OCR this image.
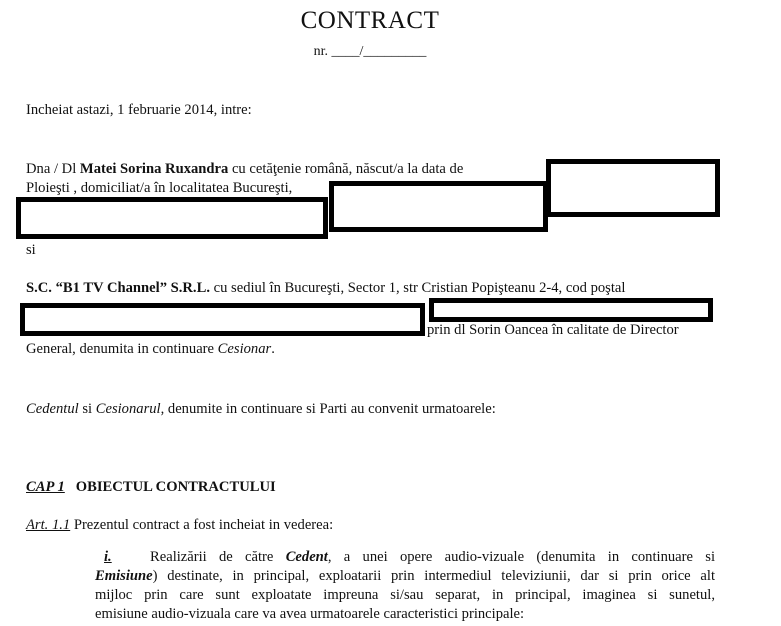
CONTRACT
nr. ____/_________
Incheiat astazi, 1 februarie 2014, intre:
Dna / Dl Matei Sorina Ruxandra cu cetăţenie română, născut/a la data de
Ploieşti , domiciliat/a în localitatea Bucureşti,
si
S.C. “B1 TV Channel” S.R.L. cu sediul în Bucureşti, Sector 1, str Cristian Popişteanu 2-4, cod poştal
prin dl Sorin Oancea în calitate de Director
General, denumita in continuare Cesionar.
Cedentul si Cesionarul, denumite in continuare si Parti au convenit urmatoarele:
CAP 1 OBIECTUL CONTRACTULUI
Art. 1.1 Prezentul contract a fost incheiat in vederea:
i.	Realizării de către Cedent, a unei opere audio-vizuale (denumita in continuare si
Emisiune) destinate, in principal, exploatarii prin intermediul televiziunii, dar si prin orice alt
mijloc prin care sunt exploatate impreuna si/sau separat, in principal, imaginea si sunetul,
emisiune audio-vizuala care va avea urmatoarele caracteristici principale:
